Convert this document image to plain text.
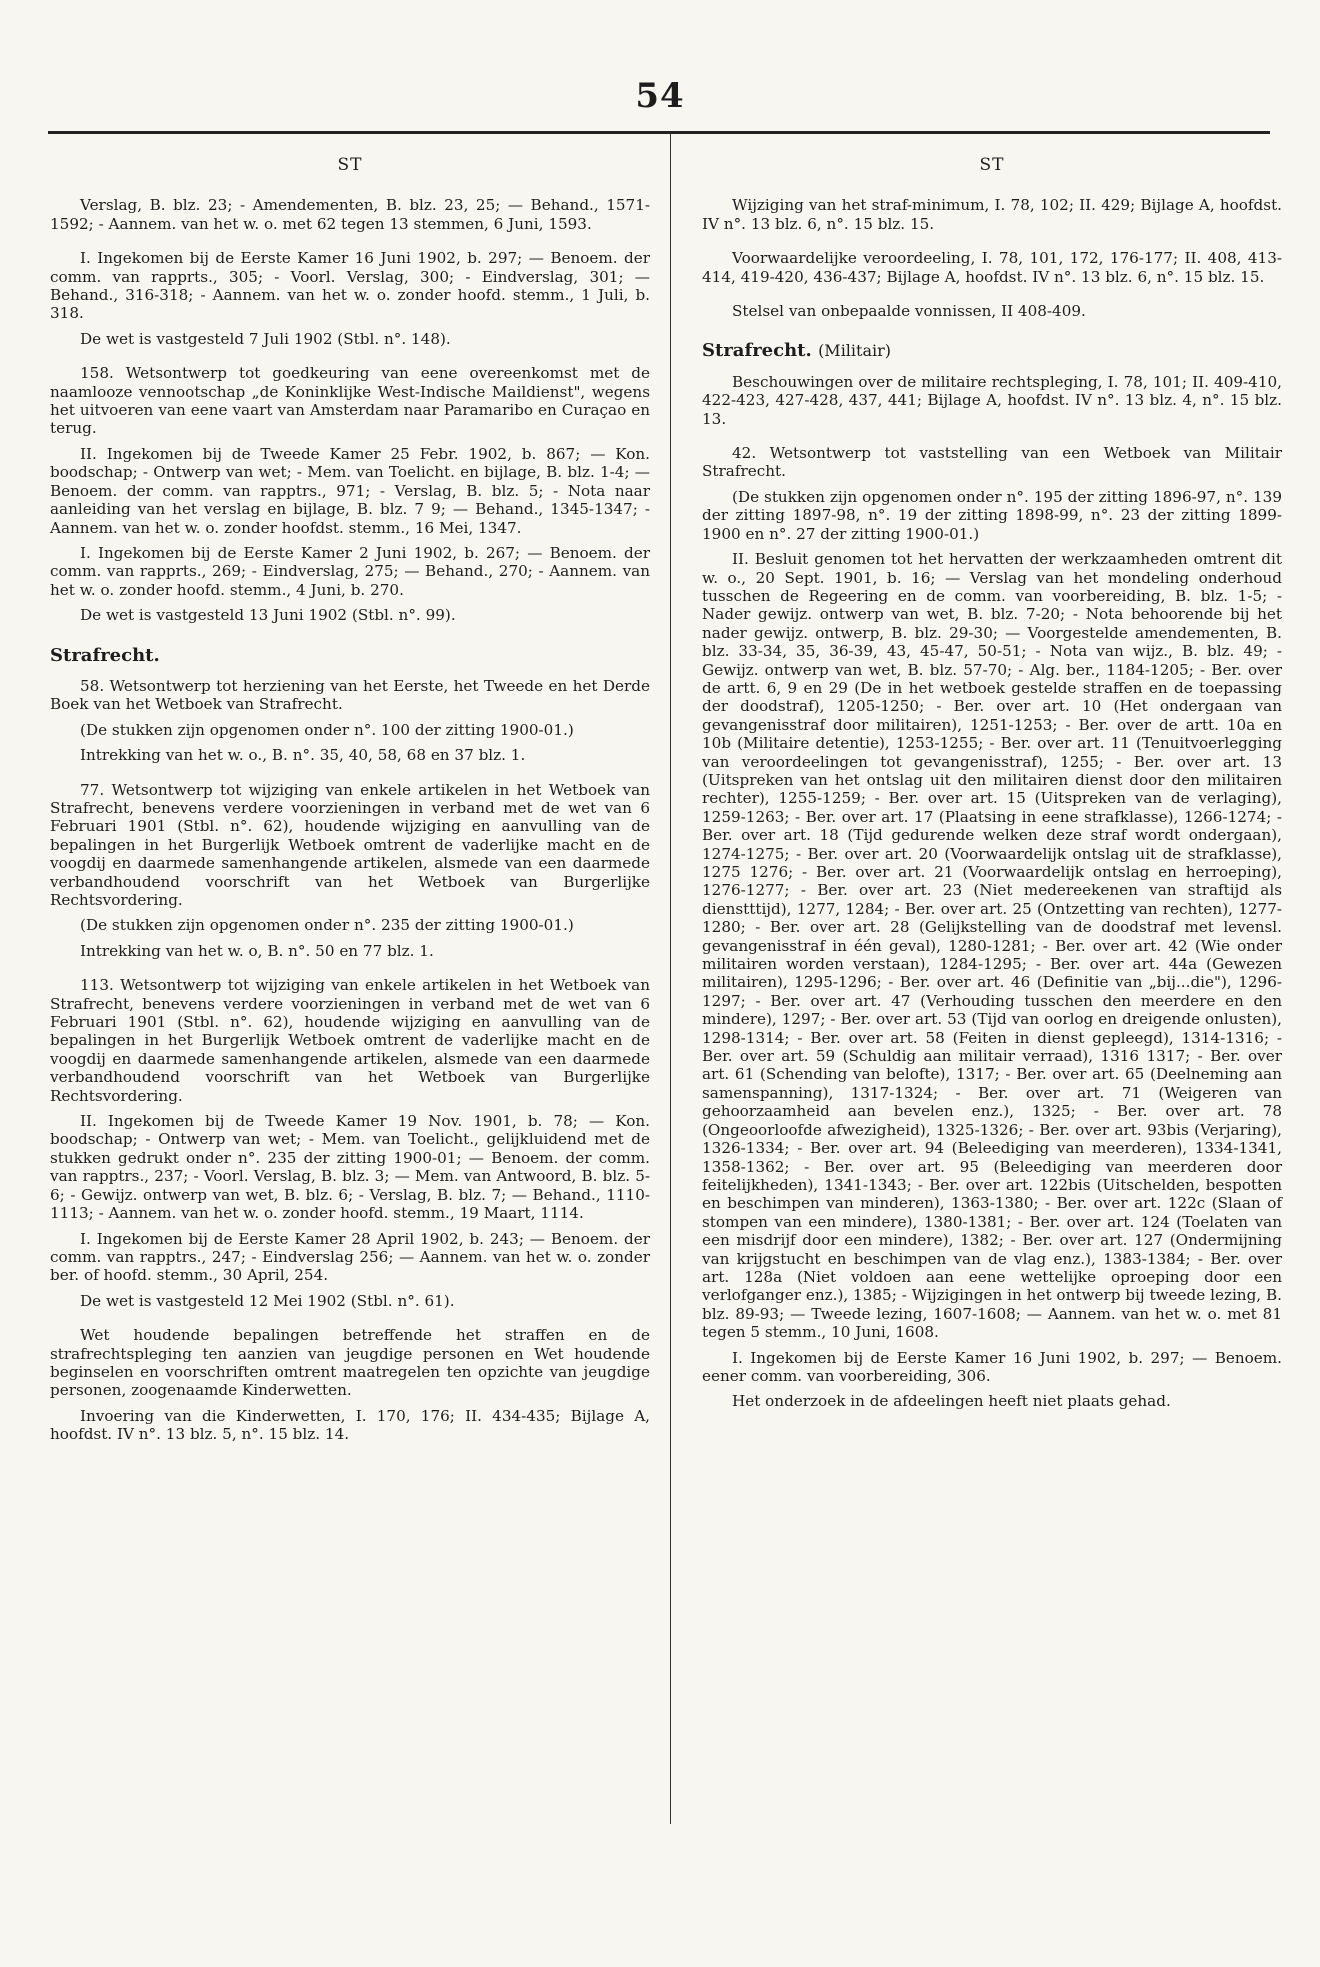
54
ST

Verslag, B. blz. 23; - Amendementen, B. blz. 23, 25; — Behand., 1571-1592; - Aannem. van het w. o. met 62 tegen 13 stemmen, 6 Juni, 1593.

I. Ingekomen bij de Eerste Kamer 16 Juni 1902, b. 297; — Benoem. der comm. van rapprts., 305; - Voorl. Verslag, 300; - Eindverslag, 301; — Behand., 316-318; - Aannem. van het w. o. zonder hoofd. stemm., 1 Juli, b. 318.

De wet is vastgesteld 7 Juli 1902 (Stbl. n°. 148).

158. Wetsontwerp tot goedkeuring van eene overeenkomst met de naamlooze vennootschap „de Koninklijke West-Indische Maildienst", wegens het uitvoeren van eene vaart van Amsterdam naar Paramaribo en Curaçao en terug.

II. Ingekomen bij de Tweede Kamer 25 Febr. 1902, b. 867; — Kon. boodschap; - Ontwerp van wet; - Mem. van Toelicht. en bijlage, B. blz. 1-4; — Benoem. der comm. van rapptrs., 971; - Verslag, B. blz. 5; - Nota naar aanleiding van het verslag en bijlage, B. blz. 7 9; — Behand., 1345-1347; - Aannem. van het w. o. zonder hoofdst. stemm., 16 Mei, 1347.

I. Ingekomen bij de Eerste Kamer 2 Juni 1902, b. 267; — Benoem. der comm. van rapprts., 269; - Eindverslag, 275; — Behand., 270; - Aannem. van het w. o. zonder hoofd. stemm., 4 Juni, b. 270.

De wet is vastgesteld 13 Juni 1902 (Stbl. n°. 99).

Strafrecht.

58. Wetsontwerp tot herziening van het Eerste, het Tweede en het Derde Boek van het Wetboek van Strafrecht.

(De stukken zijn opgenomen onder n°. 100 der zitting 1900-01.)

Intrekking van het w. o., B. n°. 35, 40, 58, 68 en 37 blz. 1.

77. Wetsontwerp tot wijziging van enkele artikelen in het Wetboek van Strafrecht, benevens verdere voorzieningen in verband met de wet van 6 Februari 1901 (Stbl. n°. 62), houdende wijziging en aanvulling van de bepalingen in het Burgerlijk Wetboek omtrent de vaderlijke macht en de voogdij en daarmede samenhangende artikelen, alsmede van een daarmede verbandhoudend voorschrift van het Wetboek van Burgerlijke Rechtsvordering.

(De stukken zijn opgenomen onder n°. 235 der zitting 1900-01.)

Intrekking van het w. o, B. n°. 50 en 77 blz. 1.

113. Wetsontwerp tot wijziging van enkele artikelen in het Wetboek van Strafrecht, benevens verdere voorzieningen in verband met de wet van 6 Februari 1901 (Stbl. n°. 62), houdende wijziging en aanvulling van de bepalingen in het Burgerlijk Wetboek omtrent de vaderlijke macht en de voogdij en daarmede samenhangende artikelen, alsmede van een daarmede verbandhoudend voorschrift van het Wetboek van Burgerlijke Rechtsvordering.

II. Ingekomen bij de Tweede Kamer 19 Nov. 1901, b. 78; — Kon. boodschap; - Ontwerp van wet; - Mem. van Toelicht., gelijkluidend met de stukken gedrukt onder n°. 235 der zitting 1900-01; — Benoem. der comm. van rapptrs., 237; - Voorl. Verslag, B. blz. 3; — Mem. van Antwoord, B. blz. 5-6; - Gewijz. ontwerp van wet, B. blz. 6; - Verslag, B. blz. 7; — Behand., 1110-1113; - Aannem. van het w. o. zonder hoofd. stemm., 19 Maart, 1114.

I. Ingekomen bij de Eerste Kamer 28 April 1902, b. 243; — Benoem. der comm. van rapptrs., 247; - Eindverslag 256; — Aannem. van het w. o. zonder ber. of hoofd. stemm., 30 April, 254.

De wet is vastgesteld 12 Mei 1902 (Stbl. n°. 61).

Wet houdende bepalingen betreffende het straffen en de strafrechtspleging ten aanzien van jeugdige personen en Wet houdende beginselen en voorschriften omtrent maatregelen ten opzichte van jeugdige personen, zoogenaamde Kinderwetten.

Invoering van die Kinderwetten, I. 170, 176; II. 434-435; Bijlage A, hoofdst. IV n°. 13 blz. 5, n°. 15 blz. 14.

ST

Wijziging van het straf-minimum, I. 78, 102; II. 429; Bijlage A, hoofdst. IV n°. 13 blz. 6, n°. 15 blz. 15.

Voorwaardelijke veroordeeling, I. 78, 101, 172, 176-177; II. 408, 413-414, 419-420, 436-437; Bijlage A, hoofdst. IV n°. 13 blz. 6, n°. 15 blz. 15.

Stelsel van onbepaalde vonnissen, II 408-409.

Strafrecht. (Militair)

Beschouwingen over de militaire rechtspleging, I. 78, 101; II. 409-410, 422-423, 427-428, 437, 441; Bijlage A, hoofdst. IV n°. 13 blz. 4, n°. 15 blz. 13.

42. Wetsontwerp tot vaststelling van een Wetboek van Militair Strafrecht.

(De stukken zijn opgenomen onder n°. 195 der zitting 1896-97, n°. 139 der zitting 1897-98, n°. 19 der zitting 1898-99, n°. 23 der zitting 1899-1900 en n°. 27 der zitting 1900-01.)

II. Besluit genomen tot het hervatten der werkzaamheden omtrent dit w. o., 20 Sept. 1901, b. 16; — Verslag van het mondeling onderhoud tusschen de Regeering en de comm. van voorbereiding, B. blz. 1-5; - Nader gewijz. ontwerp van wet, B. blz. 7-20; - Nota behoorende bij het nader gewijz. ontwerp, B. blz. 29-30; — Voorgestelde amendementen, B. blz. 33-34, 35, 36-39, 43, 45-47, 50-51; - Nota van wijz., B. blz. 49; - Gewijz. ontwerp van wet, B. blz. 57-70; - Alg. ber., 1184-1205; - Ber. over de artt. 6, 9 en 29 (De in het wetboek gestelde straffen en de toepassing der doodstraf), 1205-1250; - Ber. over art. 10 (Het ondergaan van gevangenisstraf door militairen), 1251-1253; - Ber. over de artt. 10a en 10b (Militaire detentie), 1253-1255; - Ber. over art. 11 (Tenuitvoerlegging van veroordeelingen tot gevangenisstraf), 1255; - Ber. over art. 13 (Uitspreken van het ontslag uit den militairen dienst door den militairen rechter), 1255-1259; - Ber. over art. 15 (Uitspreken van de verlaging), 1259-1263; - Ber. over art. 17 (Plaatsing in eene strafklasse), 1266-1274; - Ber. over art. 18 (Tijd gedurende welken deze straf wordt ondergaan), 1274-1275; - Ber. over art. 20 (Voorwaardelijk ontslag uit de strafklasse), 1275 1276; - Ber. over art. 21 (Voorwaardelijk ontslag en herroeping), 1276-1277; - Ber. over art. 23 (Niet medereekenen van straftijd als dienstttijd), 1277, 1284; - Ber. over art. 25 (Ontzetting van rechten), 1277-1280; - Ber. over art. 28 (Gelijkstelling van de doodstraf met levensl. gevangenisstraf in één geval), 1280-1281; - Ber. over art. 42 (Wie onder militairen worden verstaan), 1284-1295; - Ber. over art. 44a (Gewezen militairen), 1295-1296; - Ber. over art. 46 (Definitie van „bij...die"), 1296-1297; - Ber. over art. 47 (Verhouding tusschen den meerdere en den mindere), 1297; - Ber. over art. 53 (Tijd van oorlog en dreigende onlusten), 1298-1314; - Ber. over art. 58 (Feiten in dienst gepleegd), 1314-1316; - Ber. over art. 59 (Schuldig aan militair verraad), 1316 1317; - Ber. over art. 61 (Schending van belofte), 1317; - Ber. over art. 65 (Deelneming aan samenspanning), 1317-1324; - Ber. over art. 71 (Weigeren van gehoorzaamheid aan bevelen enz.), 1325; - Ber. over art. 78 (Ongeoorloofde afwezigheid), 1325-1326; - Ber. over art. 93bis (Verjaring), 1326-1334; - Ber. over art. 94 (Beleediging van meerderen), 1334-1341, 1358-1362; - Ber. over art. 95 (Beleediging van meerderen door feitelijkheden), 1341-1343; - Ber. over art. 122bis (Uitschelden, bespotten en beschimpen van minderen), 1363-1380; - Ber. over art. 122c (Slaan of stompen van een mindere), 1380-1381; - Ber. over art. 124 (Toelaten van een misdrijf door een mindere), 1382; - Ber. over art. 127 (Ondermijning van krijgstucht en beschimpen van de vlag enz.), 1383-1384; - Ber. over art. 128a (Niet voldoen aan eene wettelijke oproeping door een verlofganger enz.), 1385; - Wijzigingen in het ontwerp bij tweede lezing, B. blz. 89-93; — Tweede lezing, 1607-1608; — Aannem. van het w. o. met 81 tegen 5 stemm., 10 Juni, 1608.

I. Ingekomen bij de Eerste Kamer 16 Juni 1902, b. 297; — Benoem. eener comm. van voorbereiding, 306.

Het onderzoek in de afdeelingen heeft niet plaats gehad.
